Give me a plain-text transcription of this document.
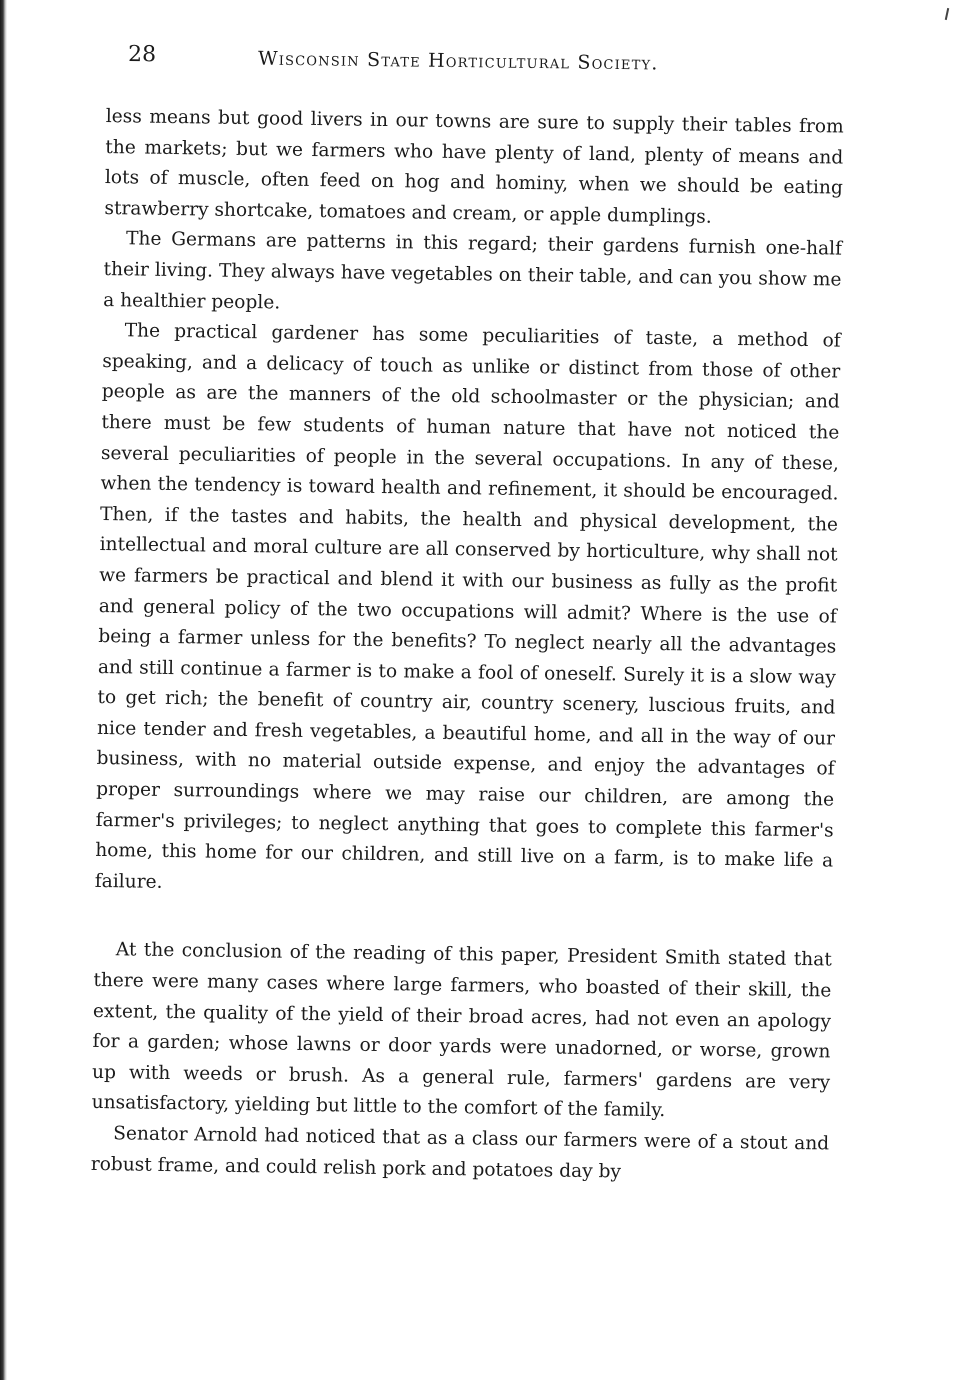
28	Wisconsin State Horticultural Society.

less means but good livers in our towns are sure to supply their tables from the markets; but we farmers who have plenty of land, plenty of means and lots of muscle, often feed on hog and hominy, when we should be eating strawberry shortcake, tomatoes and cream, or apple dumplings.

The Germans are patterns in this regard; their gardens furnish one-half their living. They always have vegetables on their table, and can you show me a healthier people.

The practical gardener has some peculiarities of taste, a method of speaking, and a delicacy of touch as unlike or distinct from those of other people as are the manners of the old schoolmaster or the physician; and there must be few students of human nature that have not noticed the several peculiarities of people in the several occupations. In any of these, when the tendency is toward health and refinement, it should be encouraged. Then, if the tastes and habits, the health and physical development, the intellectual and moral culture are all conserved by horticulture, why shall not we farmers be practical and blend it with our business as fully as the profit and general policy of the two occupations will admit? Where is the use of being a farmer unless for the benefits? To neglect nearly all the advantages and still continue a farmer is to make a fool of oneself. Surely it is a slow way to get rich; the benefit of country air, country scenery, luscious fruits, and nice tender and fresh vegetables, a beautiful home, and all in the way of our business, with no material outside expense, and enjoy the advantages of proper surroundings where we may raise our children, are among the farmer's privileges; to neglect anything that goes to complete this farmer's home, this home for our children, and still live on a farm, is to make life a failure.

At the conclusion of the reading of this paper, President Smith stated that there were many cases where large farmers, who boasted of their skill, the extent, the quality of the yield of their broad acres, had not even an apology for a garden; whose lawns or door yards were unadorned, or worse, grown up with weeds or brush. As a general rule, farmers' gardens are very unsatisfactory, yielding but little to the comfort of the family.

Senator Arnold had noticed that as a class our farmers were of a stout and robust frame, and could relish pork and potatoes day by
